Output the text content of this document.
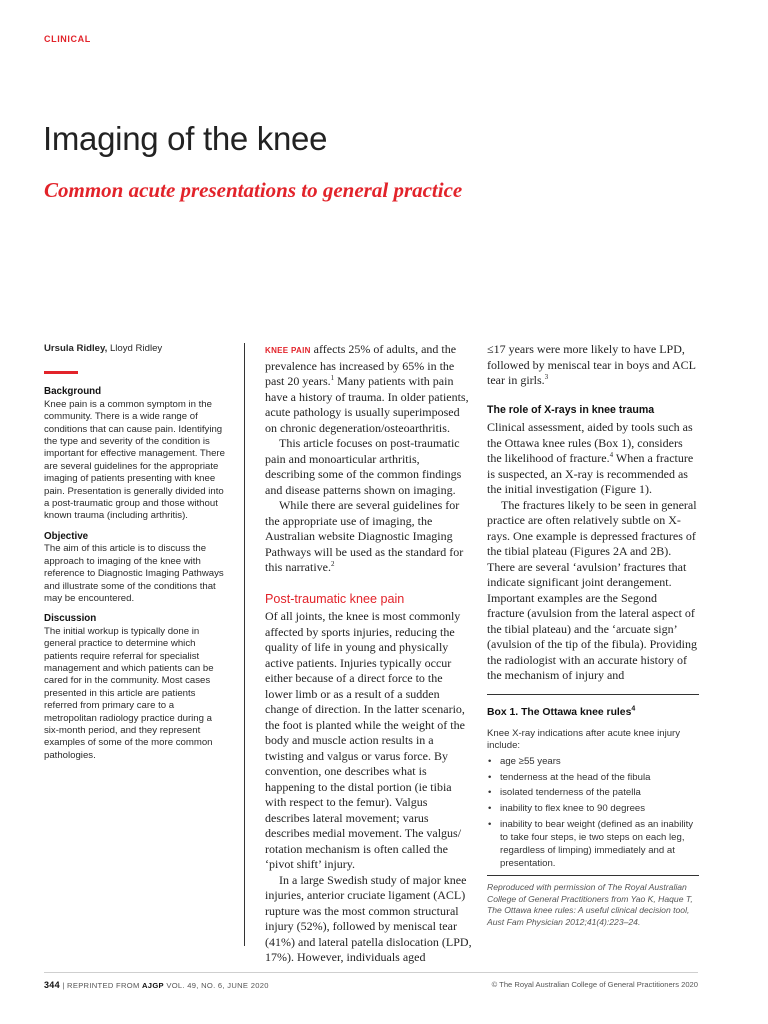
CLINICAL
Imaging of the knee
Common acute presentations to general practice

Ursula Ridley, Lloyd Ridley

Background

Knee pain is a common symptom in the community. There is a wide range of conditions that can cause pain. Identifying the type and severity of the condition is important for effective management. There are several guidelines for the appropriate imaging of patients presenting with knee pain. Presentation is generally divided into a post-traumatic group and those without known trauma (including arthritis).

Objective

The aim of this article is to discuss the approach to imaging of the knee with reference to Diagnostic Imaging Pathways and illustrate some of the conditions that may be encountered.

Discussion

The initial workup is typically done in general practice to determine which patients require referral for specialist management and which patients can be cared for in the community. Most cases presented in this article are patients referred from primary care to a metropolitan radiology practice during a six-month period, and they represent examples of some of the more common pathologies.

KNEE PAIN affects 25% of adults, and the prevalence has increased by 65% in the past 20 years.$^1$ Many patients with pain have a history of trauma. In older patients, acute pathology is usually superimposed on chronic degeneration/osteoarthritis.

This article focuses on post-traumatic pain and monoarticular arthritis, describing some of the common findings and disease patterns shown on imaging.

While there are several guidelines for the appropriate use of imaging, the Australian website Diagnostic Imaging Pathways will be used as the standard for this narrative.$^2$

Post-traumatic knee pain

Of all joints, the knee is most commonly affected by sports injuries, reducing the quality of life in young and physically active patients. Injuries typically occur either because of a direct force to the lower limb or as a result of a sudden change of direction. In the latter scenario, the foot is planted while the weight of the body and muscle action results in a twisting and valgus or varus force. By convention, one describes what is happening to the distal portion (ie tibia with respect to the femur). Valgus describes lateral movement; varus describes medial movement. The valgus/ rotation mechanism is often called the ‘pivot shift’ injury.

In a large Swedish study of major knee injuries, anterior cruciate ligament (ACL) rupture was the most common structural injury (52%), followed by meniscal tear (41%) and lateral patella dislocation (LPD, 17%). However, individuals aged

≤17 years were more likely to have LPD, followed by meniscal tear in boys and ACL tear in girls.$^3$

The role of X-rays in knee trauma

Clinical assessment, aided by tools such as the Ottawa knee rules (Box 1), considers the likelihood of fracture.$^4$ When a fracture is suspected, an X-ray is recommended as the initial investigation (Figure 1).

The fractures likely to be seen in general practice are often relatively subtle on X-rays. One example is depressed fractures of the tibial plateau (Figures 2A and 2B). There are several ‘avulsion’ fractures that indicate significant joint derangement. Important examples are the Segond fracture (avulsion from the lateral aspect of the tibial plateau) and the ‘arcuate sign’ (avulsion of the tip of the fibula). Providing the radiologist with an accurate history of the mechanism of injury and

Box 1. The Ottawa knee rules$^4$

Knee X-ray indications after acute knee injury include:

• age ≥55 years
• tenderness at the head of the fibula
• isolated tenderness of the patella
• inability to flex knee to 90 degrees
• inability to bear weight (defined as an inability to take four steps, ie two steps on each leg, regardless of limping) immediately and at presentation.

Reproduced with permission of The Royal Australian College of General Practitioners from Yao K, Haque T, The Ottawa knee rules: A useful clinical decision tool, Aust Fam Physician 2012;41(4):223–24.

344 | REPRINTED FROM AJGP VOL. 49, NO. 6, JUNE 2020	© The Royal Australian College of General Practitioners 2020
